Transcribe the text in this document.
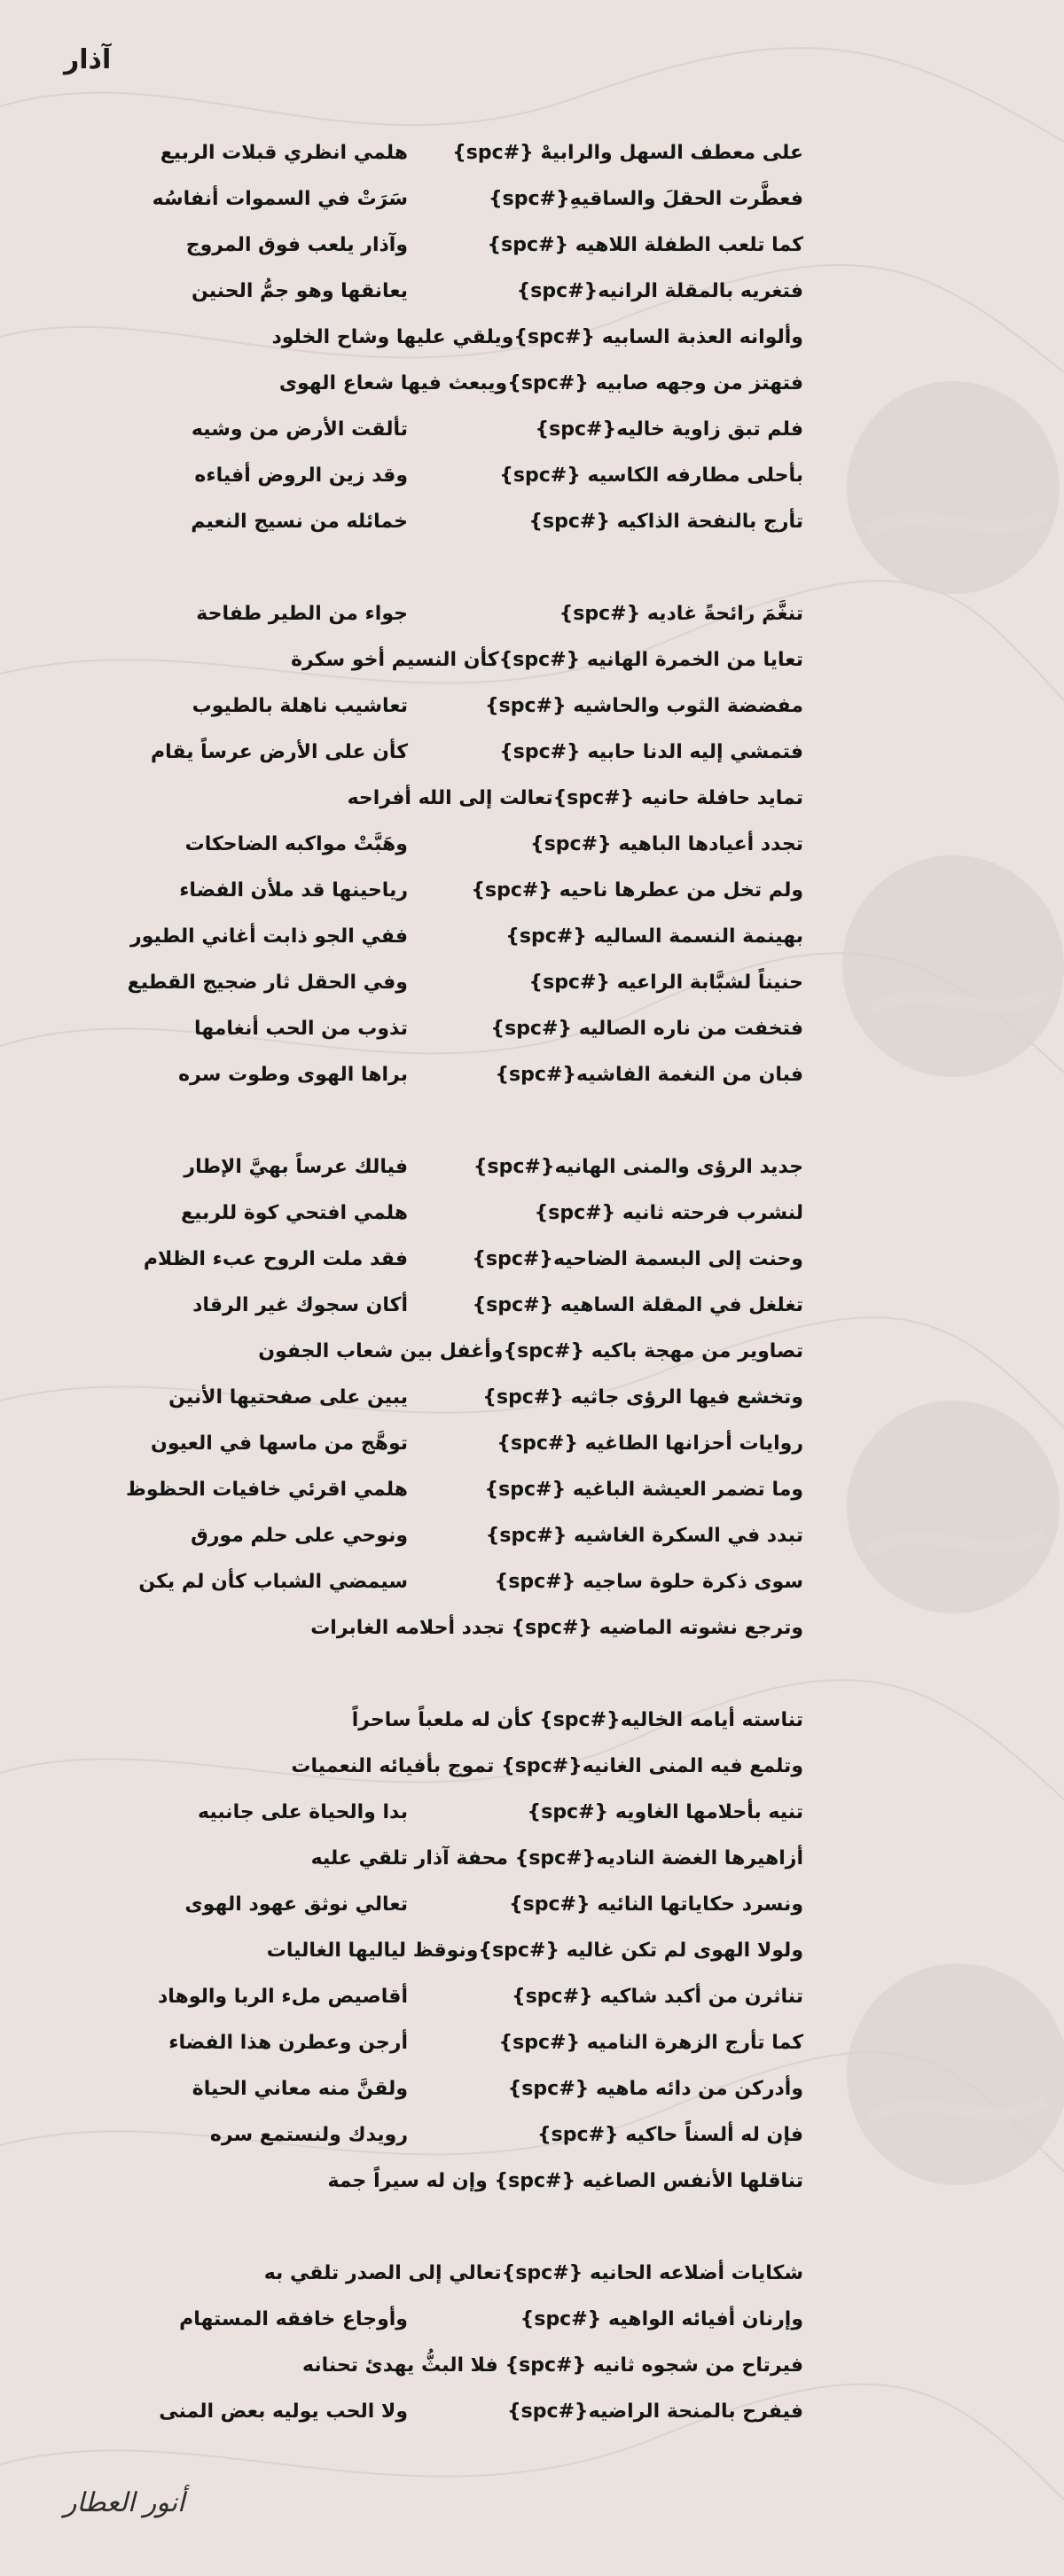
آذار
على معطف السهل والرابيهْ {#spc}
هلمي انظري قبلات الربيع
فعطَّرت الحقلَ والساقيهِ{#spc}
سَرَتْ في السموات أنفاسُه
كما تلعب الطفلة اللاهيه {#spc}
وآذار يلعب فوق المروج
فتغريه بالمقلة الرانيه{#spc}
يعانقها وهو جمُّ الحنين
وألوانه العذبة السابيه {#spc}ويلقي عليها وشاح الخلود
فتهتز من وجهه صابيه {#spc}ويبعث فيها شعاع الهوى
فلم تبق زاوية خاليه{#spc}
تألقت الأرض من وشيه
بأحلى مطارفه الكاسيه {#spc}
وقد زين الروض أفياءه
تأرج بالنفحة الذاكيه {#spc}
خمائله من نسيج النعيم
تنغَّمَ رائحةً غاديه {#spc}
جواء من الطير طفاحة
تعايا من الخمرة الهانيه {#spc}كأن النسيم أخو سكرة
مفضضة الثوب والحاشيه {#spc}
تعاشيب ناهلة بالطيوب
فتمشي إليه الدنا حابيه {#spc}
كأن على الأرض عرساً يقام
تمايد حافلة حانيه {#spc}تعالت إلى الله أفراحه
تجدد أعيادها الباهيه {#spc}
وهَبَّتْ مواكبه الضاحكات
ولم تخل من عطرها ناحيه {#spc}
رياحينها قد ملأن الفضاء
بهينمة النسمة الساليه {#spc}
ففي الجو ذابت أغاني الطيور
حنيناً لشبَّابة الراعيه {#spc}
وفي الحقل ثار ضجيج القطيع
فتخفت من ناره الصاليه {#spc}
تذوب من الحب أنغامها
فبان من النغمة الفاشيه{#spc}
براها الهوى وطوت سره
جديد الرؤى والمنى الهانيه{#spc}
فيالك عرساً بهيَّ الإطار
لنشرب فرحته ثانيه {#spc}
هلمي افتحي كوة للربيع
وحنت إلى البسمة الضاحيه{#spc}
فقد ملت الروح عبء الظلام
تغلغل في المقلة الساهيه {#spc}
أكان سجوك غير الرقاد
تصاوير من مهجة باكيه {#spc}وأغفل بين شعاب الجفون
وتخشع فيها الرؤى جاثيه {#spc}
يبين على صفحتيها الأنين
روايات أحزانها الطاغيه {#spc}
توهَّج من ماسها في العيون
وما تضمر العيشة الباغيه {#spc}
هلمي اقرئي خافيات الحظوظ
تبدد في السكرة الغاشيه {#spc}
ونوحي على حلم مورق
سوى ذكرة حلوة ساجيه {#spc}
سيمضي الشباب كأن لم يكن
وترجع نشوته الماضيه {#spc} تجدد أحلامه الغابرات
تناسته أيامه الخاليه{#spc} كأن له ملعباً ساحراً
وتلمع فيه المنى الغانيه{#spc} تموج بأفيائه النعميات
تنيه بأحلامها الغاويه {#spc}
بدا والحياة على جانبيه
أزاهيرها الغضة الناديه{#spc} محفة آذار تلقي عليه
ونسرد حكاياتها النائيه {#spc}
تعالي نوثق عهود الهوى
ولولا الهوى لم تكن غاليه {#spc}ونوقظ لياليها الغاليات
تناثرن من أكبد شاكيه {#spc}
أقاصيص ملء الربا والوهاد
كما تأرج الزهرة الناميه {#spc}
أرجن وعطرن هذا الفضاء
وأدركن من دائه ماهيه {#spc}
ولقنَّ منه معاني الحياة
فإن له ألسناً حاكيه {#spc}
رويدك ولنستمع سره
تناقلها الأنفس الصاغيه {#spc} وإن له سيراً جمة
شكايات أضلاعه الحانيه {#spc}تعالي إلى الصدر تلقي به
وإرنان أفيائه الواهيه {#spc}
وأوجاع خافقه المستهام
فيرتاح من شجوه ثانيه {#spc} فلا البثُّ يهدئ تحنانه
فيفرح بالمنحة الراضيه{#spc}
ولا الحب يوليه بعض المنى
أنور العطار
